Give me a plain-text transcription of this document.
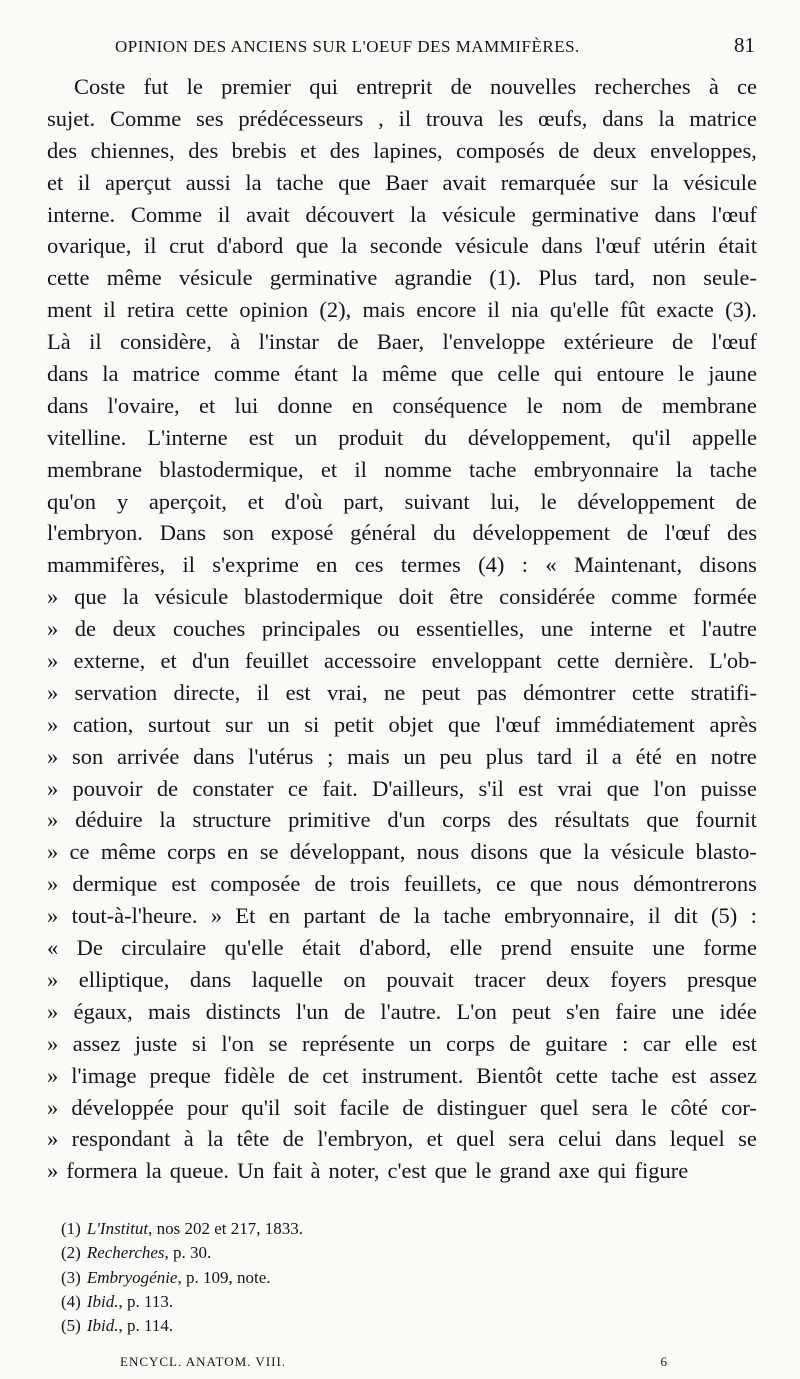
OPINION DES ANCIENS SUR L'OEUF DES MAMMIFÈRES.	81
Coste fut le premier qui entreprit de nouvelles recherches à ce
sujet. Comme ses prédécesseurs , il trouva les œufs, dans la matrice
des chiennes, des brebis et des lapines, composés de deux enveloppes,
et il aperçut aussi la tache que Baer avait remarquée sur la vésicule
interne. Comme il avait découvert la vésicule germinative dans l'œuf
ovarique, il crut d'abord que la seconde vésicule dans l'œuf utérin était
cette même vésicule germinative agrandie (1). Plus tard, non seule-
ment il retira cette opinion (2), mais encore il nia qu'elle fût exacte (3).
Là il considère, à l'instar de Baer, l'enveloppe extérieure de l'œuf
dans la matrice comme étant la même que celle qui entoure le jaune
dans l'ovaire, et lui donne en conséquence le nom de membrane
vitelline. L'interne est un produit du développement, qu'il appelle
membrane blastodermique, et il nomme tache embryonnaire la tache
qu'on y aperçoit, et d'où part, suivant lui, le développement de
l'embryon. Dans son exposé général du développement de l'œuf des
mammifères, il s'exprime en ces termes (4) : « Maintenant, disons
» que la vésicule blastodermique doit être considérée comme formée
» de deux couches principales ou essentielles, une interne et l'autre
» externe, et d'un feuillet accessoire enveloppant cette dernière. L'ob-
» servation directe, il est vrai, ne peut pas démontrer cette stratifi-
» cation, surtout sur un si petit objet que l'œuf immédiatement après
» son arrivée dans l'utérus ; mais un peu plus tard il a été en notre
» pouvoir de constater ce fait. D'ailleurs, s'il est vrai que l'on puisse
» déduire la structure primitive d'un corps des résultats que fournit
» ce même corps en se développant, nous disons que la vésicule blasto-
» dermique est composée de trois feuillets, ce que nous démontrerons
» tout-à-l'heure. » Et en partant de la tache embryonnaire, il dit (5) :
« De circulaire qu'elle était d'abord, elle prend ensuite une forme
» elliptique, dans laquelle on pouvait tracer deux foyers presque
» égaux, mais distincts l'un de l'autre. L'on peut s'en faire une idée
» assez juste si l'on se représente un corps de guitare : car elle est
» l'image preque fidèle de cet instrument. Bientôt cette tache est assez
» développée pour qu'il soit facile de distinguer quel sera le côté cor-
» respondant à la tête de l'embryon, et quel sera celui dans lequel se
» formera la queue. Un fait à noter, c'est que le grand axe qui figure
(1) L'Institut, nos 202 et 217, 1833.
(2) Recherches, p. 30.
(3) Embryogénie, p. 109, note.
(4) Ibid., p. 113.
(5) Ibid., p. 114.
ENCYCL. ANATOM. VIII.	6
